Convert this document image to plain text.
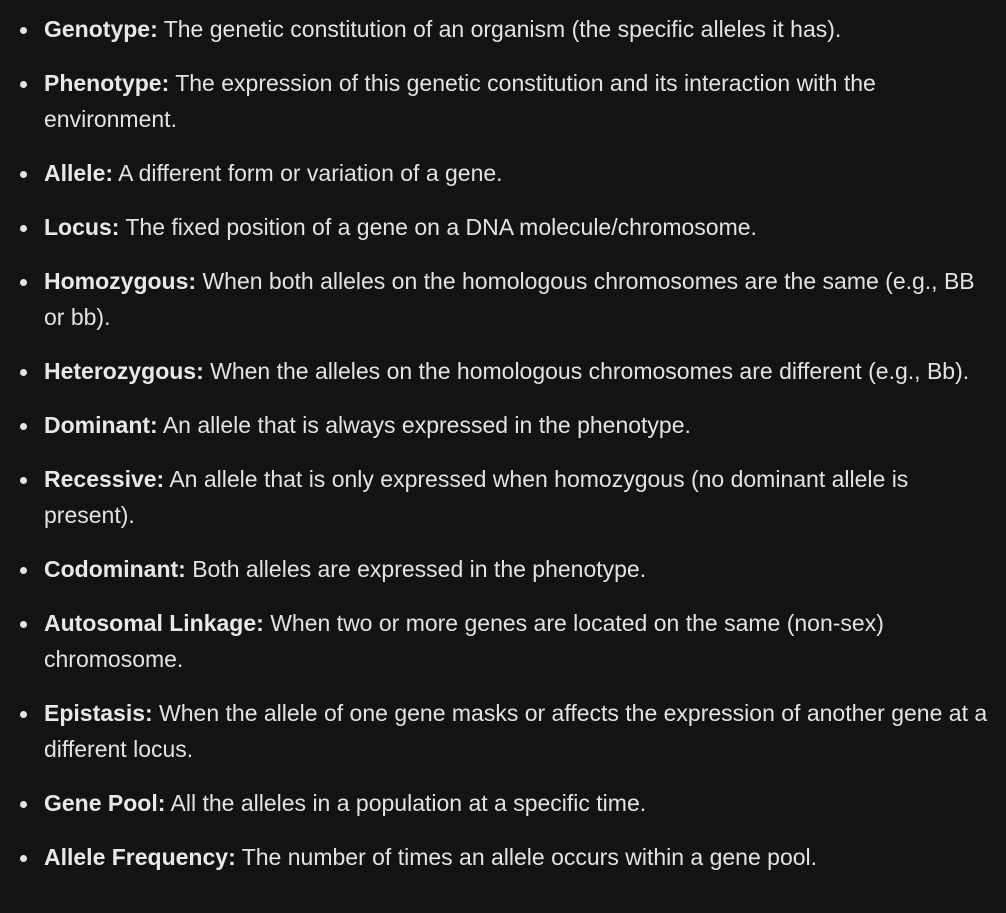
Genotype: The genetic constitution of an organism (the specific alleles it has).
Phenotype: The expression of this genetic constitution and its interaction with the environment.
Allele: A different form or variation of a gene.
Locus: The fixed position of a gene on a DNA molecule/chromosome.
Homozygous: When both alleles on the homologous chromosomes are the same (e.g., BB or bb).
Heterozygous: When the alleles on the homologous chromosomes are different (e.g., Bb).
Dominant: An allele that is always expressed in the phenotype.
Recessive: An allele that is only expressed when homozygous (no dominant allele is present).
Codominant: Both alleles are expressed in the phenotype.
Autosomal Linkage: When two or more genes are located on the same (non-sex) chromosome.
Epistasis: When the allele of one gene masks or affects the expression of another gene at a different locus.
Gene Pool: All the alleles in a population at a specific time.
Allele Frequency: The number of times an allele occurs within a gene pool.
